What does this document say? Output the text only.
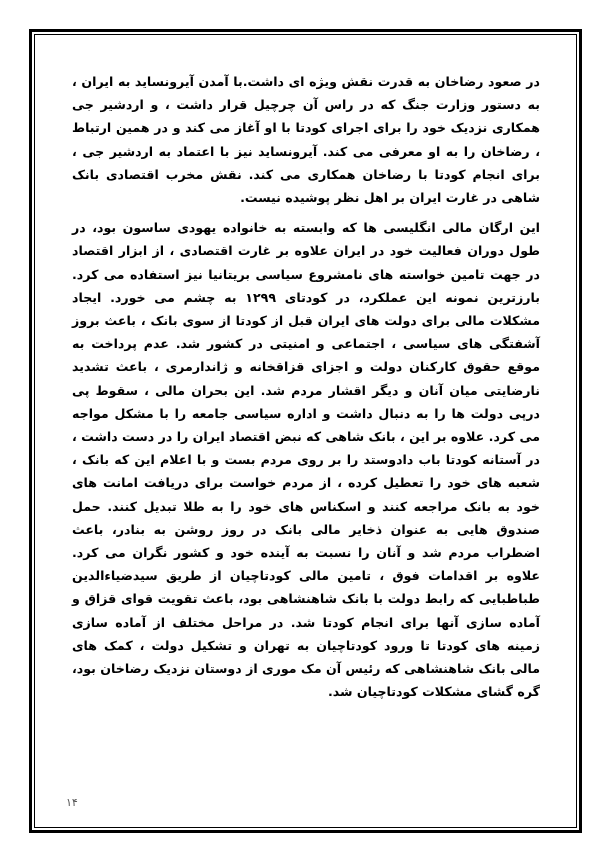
در صعود رضاخان به قدرت نقش ویژه ای داشت.با آمدن آیرونساید به ایران ، به دستور وزارت جنگ که در راس آن چرچیل قرار داشت ، و اردشیر جی همکاری نزدیک خود را برای اجرای کودتا با او آغاز می کند و در همین ارتباط ، رضاخان را به او معرفی می کند. آیرونساید نیز با اعتماد به اردشیر جی ، برای انجام کودتا با رضاخان همکاری می کند. نقش مخرب اقتصادی بانک شاهی در غارت ایران بر اهل نظر پوشیده نیست.

این ارگان مالی انگلیسی ها که وابسته به خانواده یهودی ساسون بود، در طول دوران فعالیت خود در ایران علاوه بر غارت اقتصادی ، از ابزار اقتصاد در جهت تامین خواسته های نامشروع سیاسی بریتانیا نیز استفاده می کرد. بارزترین نمونه این عملکرد، در کودتای ۱۲۹۹ به چشم می خورد. ایجاد مشکلات مالی برای دولت های ایران قبل از کودتا از سوی بانک ، باعث بروز آشفتگی های سیاسی ، اجتماعی و امنیتی در کشور شد. عدم پرداخت به موقع حقوق کارکنان دولت و اجزای قزاقخانه و ژاندارمری ، باعث تشدید نارضایتی میان آنان و دیگر اقشار مردم شد. این بحران مالی ، سقوط پی درپی دولت ها را به دنبال داشت و اداره سیاسی جامعه را با مشکل مواجه می کرد. علاوه بر این ، بانک شاهی که نبض اقتصاد ایران را در دست داشت ، در آستانه کودتا باب دادوستد را بر روی مردم بست و با اعلام این که بانک ، شعبه های خود را تعطیل کرده ، از مردم خواست برای دریافت امانت های خود به بانک مراجعه کنند و اسکناس های خود را به طلا تبدیل کنند. حمل صندوق هایی به عنوان ذخایر مالی بانک در روز روشن به بنادر، باعث اضطراب مردم شد و آنان را نسبت به آینده خود و کشور نگران می کرد. علاوه بر اقدامات فوق ، تامین مالی کودتاچیان از طریق سیدضیاءالدین طباطبایی که رابط دولت با بانک شاهنشاهی بود، باعث تقویت قوای قزاق و آماده سازی آنها برای انجام کودتا شد. در مراحل مختلف از آماده سازی زمینه های کودتا تا ورود کودتاچیان به تهران و تشکیل دولت ، کمک های مالی بانک شاهنشاهی که رئیس آن مک موری از دوستان نزدیک رضاخان بود، گره گشای مشکلات کودتاچیان شد.

۱۴
